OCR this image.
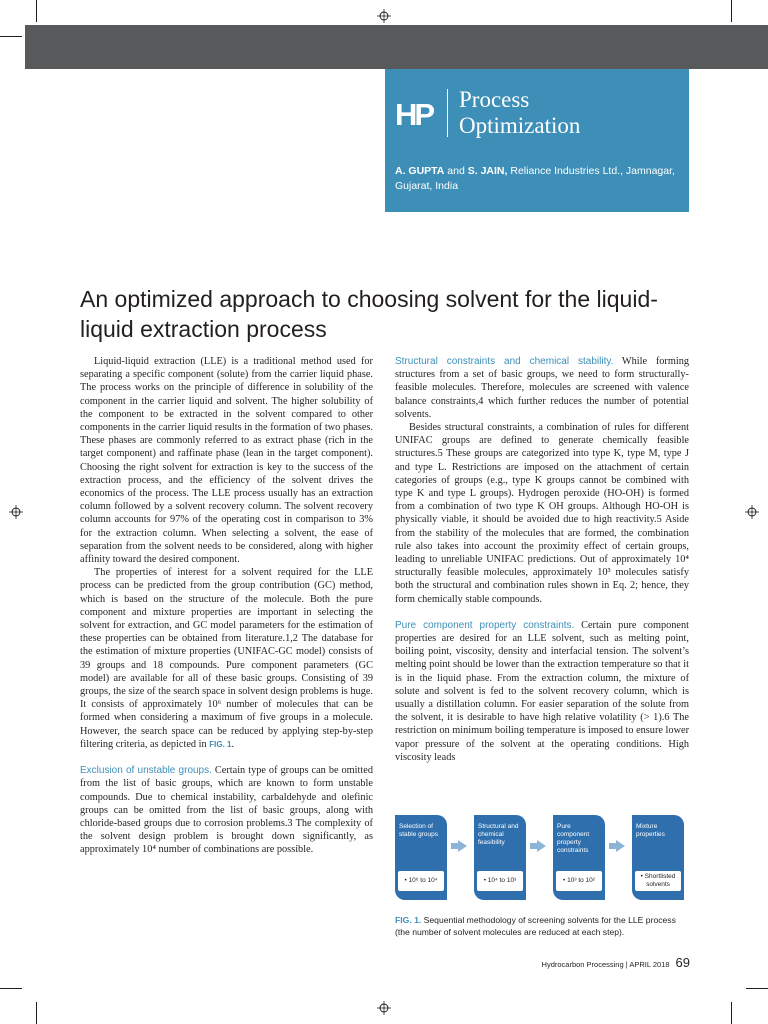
HP Process
Optimization
A. GUPTA and S. JAIN, Reliance Industries Ltd., Jamnagar, Gujarat, India
An optimized approach to choosing solvent for the liquid-liquid extraction process

Liquid-liquid extraction (LLE) is a traditional method used for separating a specific component (solute) from the carrier liquid phase. The process works on the principle of difference in solubility of the component in the carrier liquid and solvent. The higher solubility of the component to be extracted in the solvent compared to other components in the carrier liquid results in the formation of two phases. These phases are commonly referred to as extract phase (rich in the target component) and raffinate phase (lean in the target component). Choosing the right solvent for extraction is key to the success of the extraction process, and the efficiency of the solvent drives the economics of the process. The LLE process usually has an extraction column followed by a solvent recovery column. The solvent recovery column accounts for 97% of the operating cost in comparison to 3% for the extraction column. When selecting a solvent, the ease of separation from the solvent needs to be considered, along with higher affinity toward the desired component.

The properties of interest for a solvent required for the LLE process can be predicted from the group contribution (GC) method, which is based on the structure of the molecule. Both the pure component and mixture properties are important in selecting the solvent for extraction, and GC model parameters for the estimation of these properties can be obtained from literature.1,2 The database for the estimation of mixture properties (UNIFAC-GC model) consists of 39 groups and 18 compounds. Pure component parameters (GC model) are available for all of these basic groups. Consisting of 39 groups, the size of the search space in solvent design problems is huge. It consists of approximately 10⁶ number of molecules that can be formed when considering a maximum of five groups in a molecule. However, the search space can be reduced by applying step-by-step filtering criteria, as depicted in FIG. 1.

Exclusion of unstable groups. Certain type of groups can be omitted from the list of basic groups, which are known to form unstable compounds. Due to chemical instability, carbaldehyde and olefinic groups can be omitted from the list of basic groups, along with chloride-based groups due to corrosion problems.3 The complexity of the solvent design problem is brought down significantly, as approximately 10⁴ number of combinations are possible.

Structural constraints and chemical stability. While forming structures from a set of basic groups, we need to form structurally-feasible molecules. Therefore, molecules are screened with valence balance constraints,4 which further reduces the number of potential solvents.

Besides structural constraints, a combination of rules for different UNIFAC groups are defined to generate chemically feasible structures.5 These groups are categorized into type K, type M, type J and type L. Restrictions are imposed on the attachment of certain categories of groups (e.g., type K groups cannot be combined with type K and type L groups). Hydrogen peroxide (HO-OH) is formed from a combination of two type K OH groups. Although HO-OH is physically viable, it should be avoided due to high reactivity.5 Aside from the stability of the molecules that are formed, the combination rule also takes into account the proximity effect of certain groups, leading to unreliable UNIFAC predictions. Out of approximately 10⁴ structurally feasible molecules, approximately 10³ molecules satisfy both the structural and combination rules shown in Eq. 2; hence, they form chemically stable compounds.

Pure component property constraints. Certain pure component properties are desired for an LLE solvent, such as melting point, boiling point, viscosity, density and interfacial tension. The solvent’s melting point should be lower than the extraction temperature so that it is in the liquid phase. From the extraction column, the mixture of solute and solvent is fed to the solvent recovery column, which is usually a distillation column. For easier separation of the solute from the solvent, it is desirable to have high relative volatility (> 1).6 The restriction on minimum boiling temperature is imposed to ensure lower vapor pressure of the solvent at the operating conditions. High viscosity leads

Selection of stable groups
• 10⁶ to 10⁴
Structural and chemical feasibility
• 10⁴ to 10³
Pure component property constraints
• 10³ to 10²
Mixture properties
• Shortlisted solvents
FIG. 1. Sequential methodology of screening solvents for the LLE process (the number of solvent molecules are reduced at each step).
Hydrocarbon Processing | APRIL 2018 69
